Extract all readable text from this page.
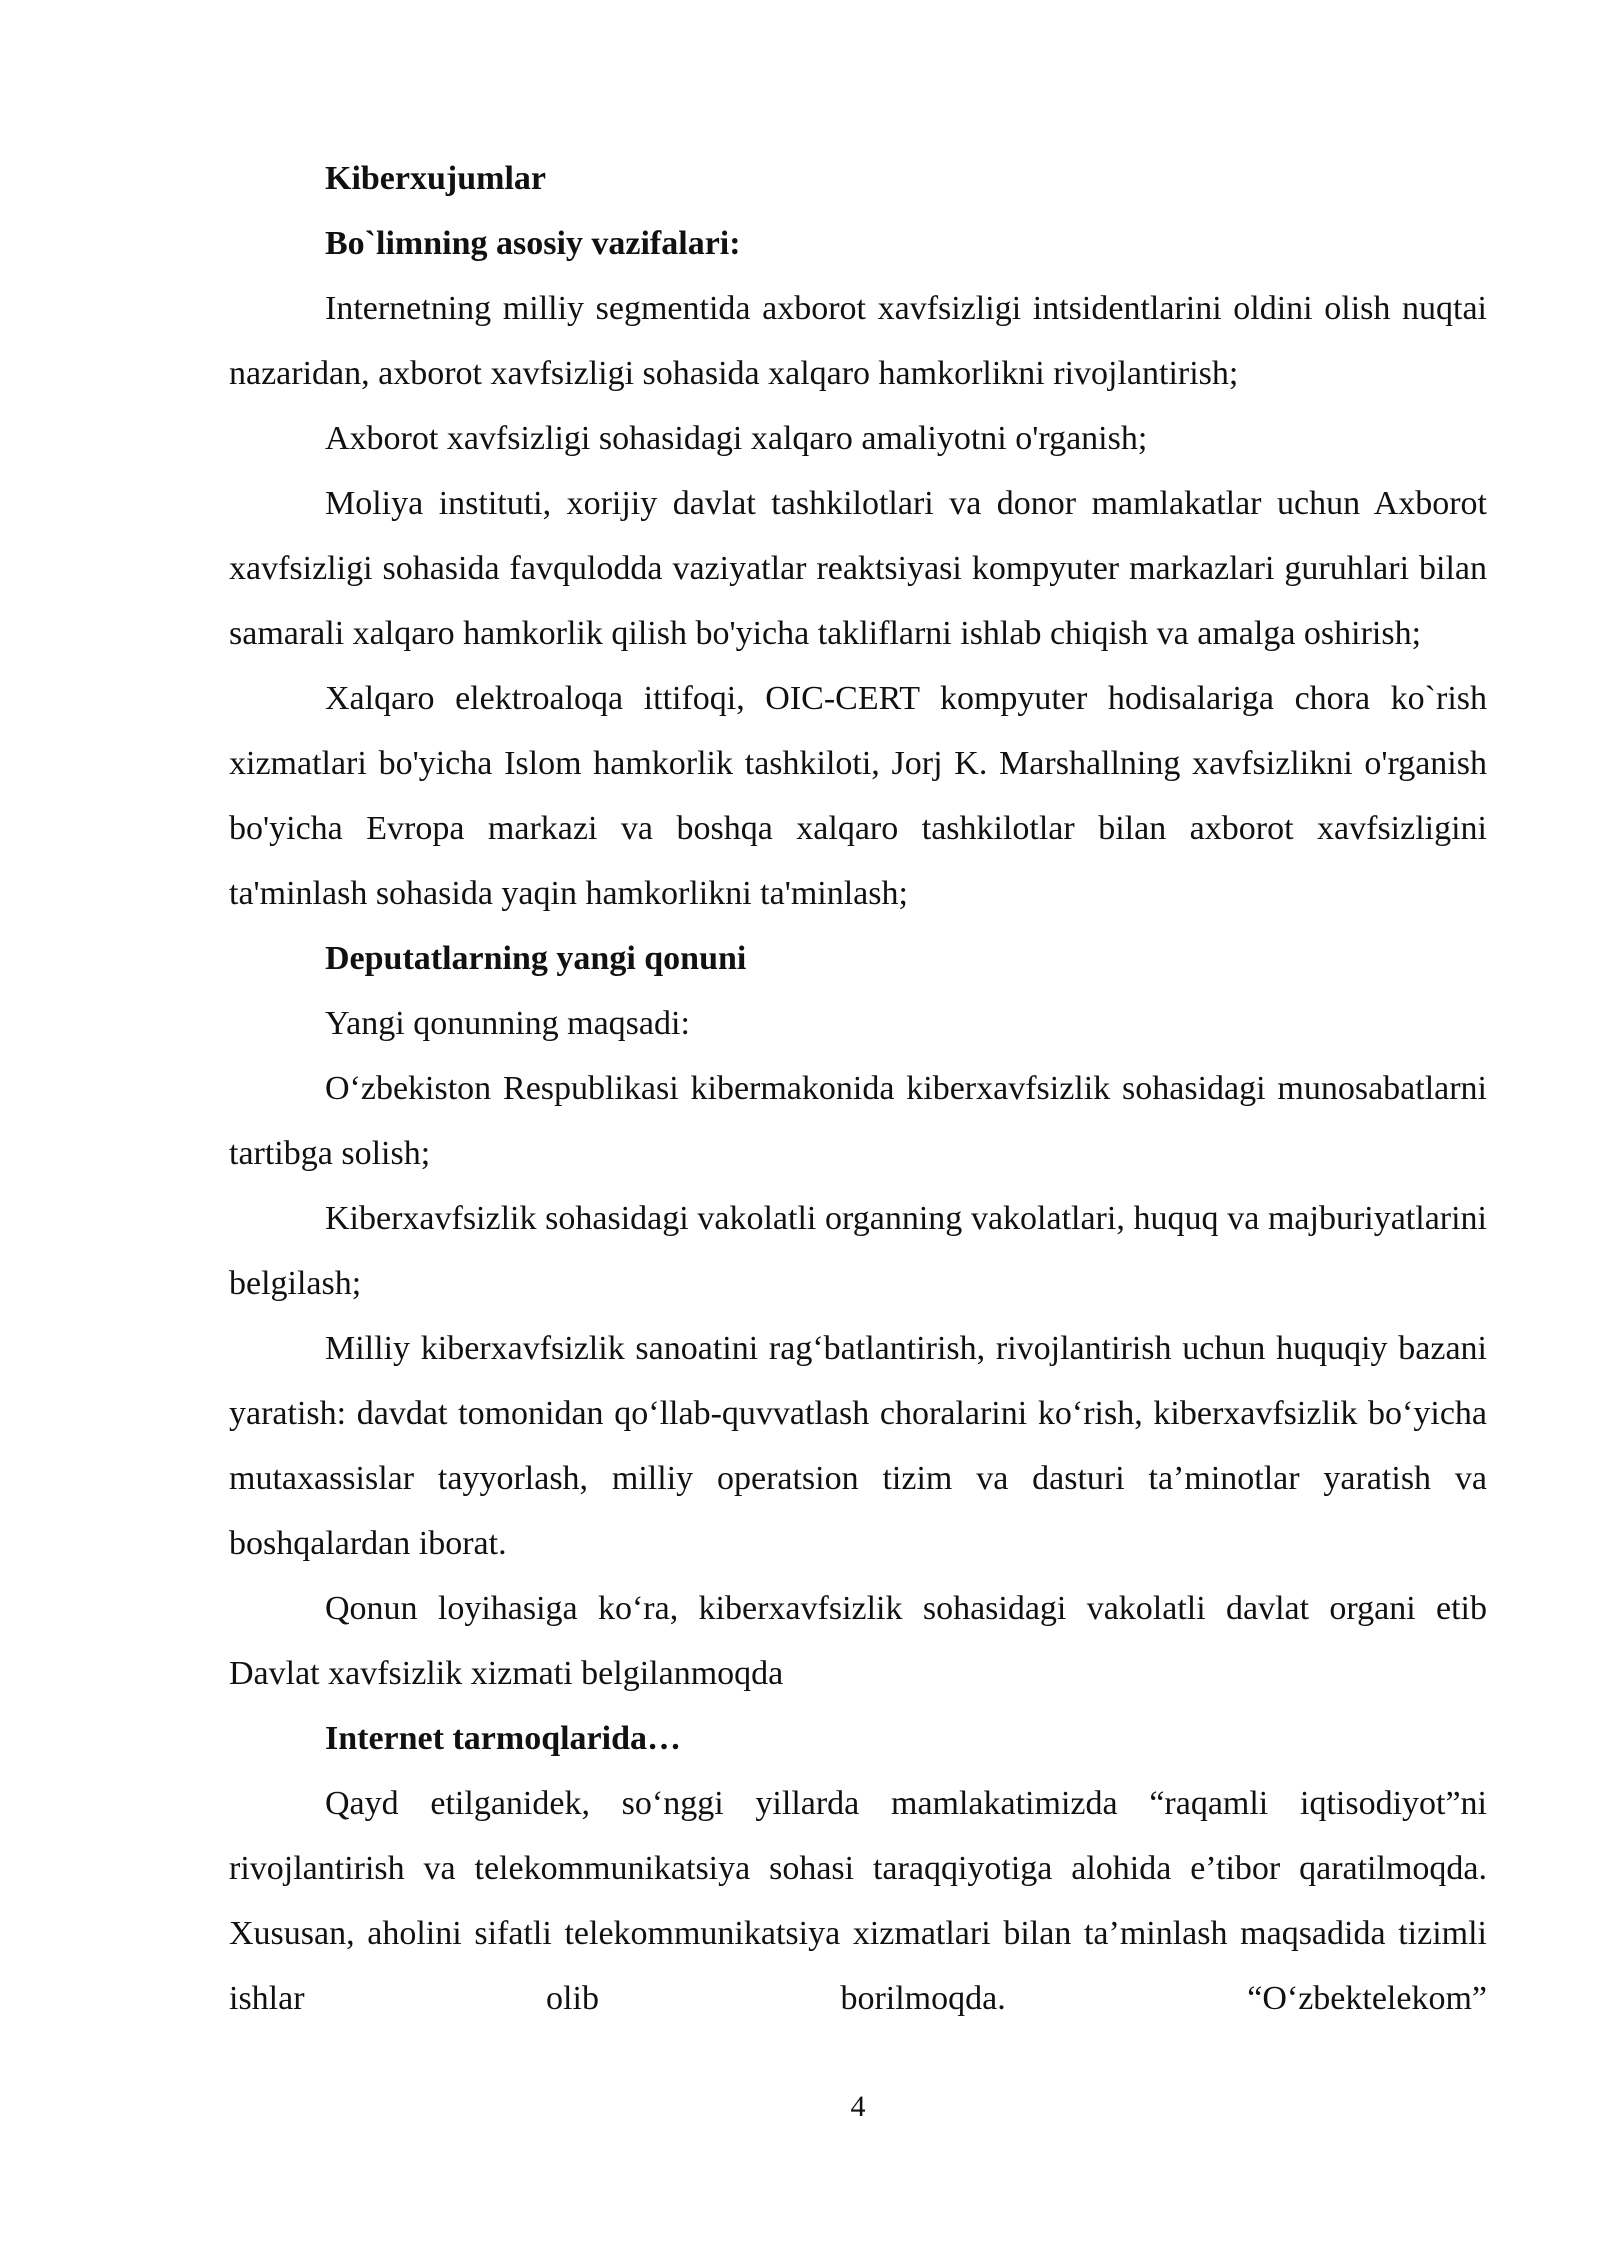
Kiberxujumlar

Bo`limning asosiy vazifalari:

Internetning milliy segmentida axborot xavfsizligi intsidentlarini oldini olish nuqtai nazaridan, axborot xavfsizligi sohasida xalqaro hamkorlikni rivojlantirish;

Axborot xavfsizligi sohasidagi xalqaro amaliyotni o'rganish;

Moliya instituti, xorijiy davlat tashkilotlari va donor mamlakatlar uchun Axborot xavfsizligi sohasida favqulodda vaziyatlar reaktsiyasi kompyuter markazlari guruhlari bilan samarali xalqaro hamkorlik qilish bo'yicha takliflarni ishlab chiqish va amalga oshirish;

Xalqaro elektroaloqa ittifoqi, OIC-CERT kompyuter hodisalariga chora ko`rish xizmatlari bo'yicha Islom hamkorlik tashkiloti, Jorj K. Marshallning xavfsizlikni o'rganish bo'yicha Evropa markazi va boshqa xalqaro tashkilotlar bilan axborot xavfsizligini ta'minlash sohasida yaqin hamkorlikni ta'minlash;

Deputatlarning yangi qonuni

Yangi qonunning maqsadi:

O‘zbekiston Respublikasi kibermakonida kiberxavfsizlik sohasidagi munosabatlarni tartibga solish;

Kiberxavfsizlik sohasidagi vakolatli organning vakolatlari, huquq va majburiyatlarini belgilash;

Milliy kiberxavfsizlik sanoatini rag‘batlantirish, rivojlantirish uchun huquqiy bazani yaratish: davdat tomonidan qo‘llab-quvvatlash choralarini ko‘rish, kiberxavfsizlik bo‘yicha mutaxassislar tayyorlash, milliy operatsion tizim va dasturi ta’minotlar yaratish va boshqalardan iborat.

Qonun loyihasiga ko‘ra, kiberxavfsizlik sohasidagi vakolatli davlat organi etib Davlat xavfsizlik xizmati belgilanmoqda

Internet tarmoqlarida…

Qayd etilganidek, so‘nggi yillarda mamlakatimizda “raqamli iqtisodiyot”ni rivojlantirish va telekommunikatsiya sohasi taraqqiyotiga alohida e’tibor qaratilmoqda. Xususan, aholini sifatli telekommunikatsiya xizmatlari bilan ta’minlash maqsadida tizimli ishlar olib borilmoqda. “O‘zbektelekom”

4
